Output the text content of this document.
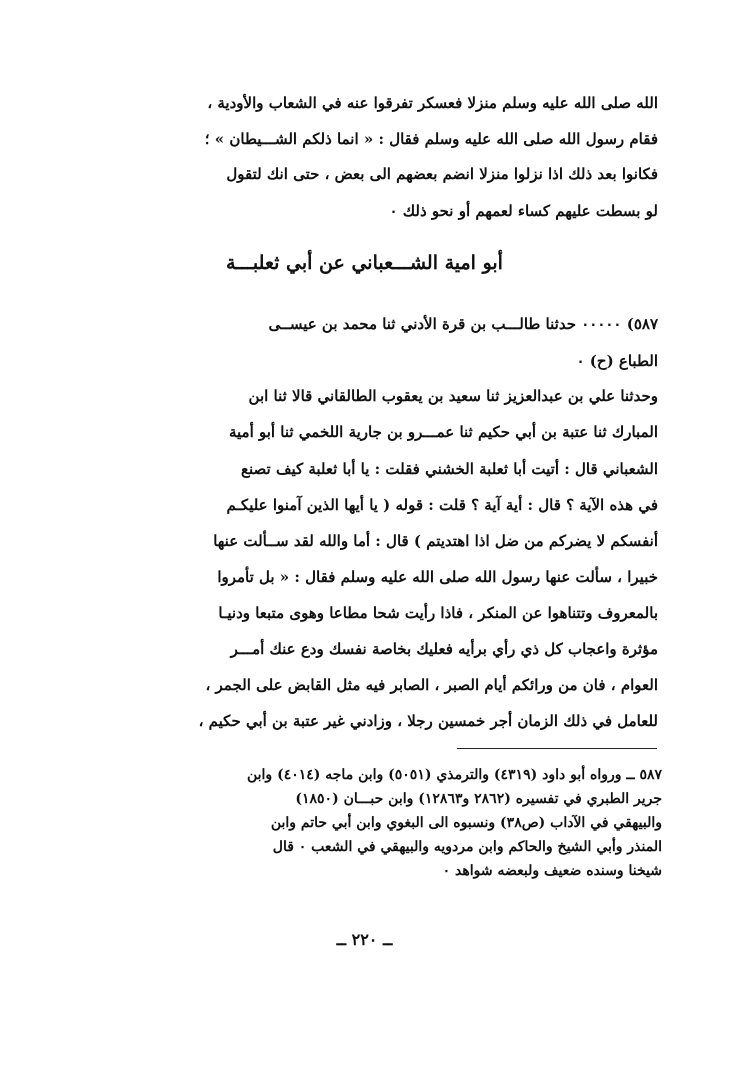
الله صلى الله عليه وسلم منزلا فعسكر تفرقوا عنه في الشعاب والأودية ،
فقام رسول الله صلى الله عليه وسلم فقال : « انما ذلكم الشـــيطان » ؛
فكانوا بعد ذلك اذا نزلوا منزلا انضم بعضهم الى بعض ، حتى انك لتقول
لو بسطت عليهم كساء لعمهم أو نحو ذلك ٠
أبو امية الشـــعباني عن أبي ثعلبـــة
٥٨٧) ٠٠٠٠٠ حدثنا طالـــب بن قرة الأدني ثنا محمد بن عيســى
الطباع (ح) ٠
وحدثنا علي بن عبدالعزيز ثنا سعيد بن يعقوب الطالقاني قالا ثنا ابن
المبارك ثنا عتبة بن أبي حكيم ثنا عمـــرو بن جارية اللخمي ثنا أبو أمية
الشعباني قال : أتيت أبا ثعلبة الخشني فقلت : يا أبا ثعلبة كيف تصنع
في هذه الآية ؟ قال : أية آية ؟ قلت : قوله ( يا أيها الذين آمنوا عليكـم
أنفسكم لا يضركم من ضل اذا اهتديتم ) قال : أما والله لقد ســألت عنها
خبيرا ، سألت عنها رسول الله صلى الله عليه وسلم فقال : « بل تأمروا
بالمعروف وتتناهوا عن المنكر ، فاذا رأيت شحا مطاعا وهوى متبعا ودنيـا
مؤثرة واعجاب كل ذي رأي برأيه فعليك بخاصة نفسك ودع عنك أمـــر
العوام ، فان من ورائكم أيام الصبر ، الصابر فيه مثل القابض على الجمر ،
للعامل في ذلك الزمان أجر خمسين رجلا ، وزادني غير عتبة بن أبي حكيم ،
٥٨٧ ــ ورواه أبو داود (٤٣١٩) والترمذي (٥٠٥١) وابن ماجه (٤٠١٤) وابن
جرير الطبري في تفسيره (٢٨٦٢ و١٢٨٦٣) وابن حبـــان (١٨٥٠)
والبيهقي في الآداب (ص٣٨) ونسبوه الى البغوي وابن أبي حاتم وابن
المنذر وأبي الشيخ والحاكم وابن مردويه والبيهقي في الشعب ٠ قال
شيخنا وسنده ضعيف ولبعضه شواهد ٠
ــ ٢٢٠ ــ
